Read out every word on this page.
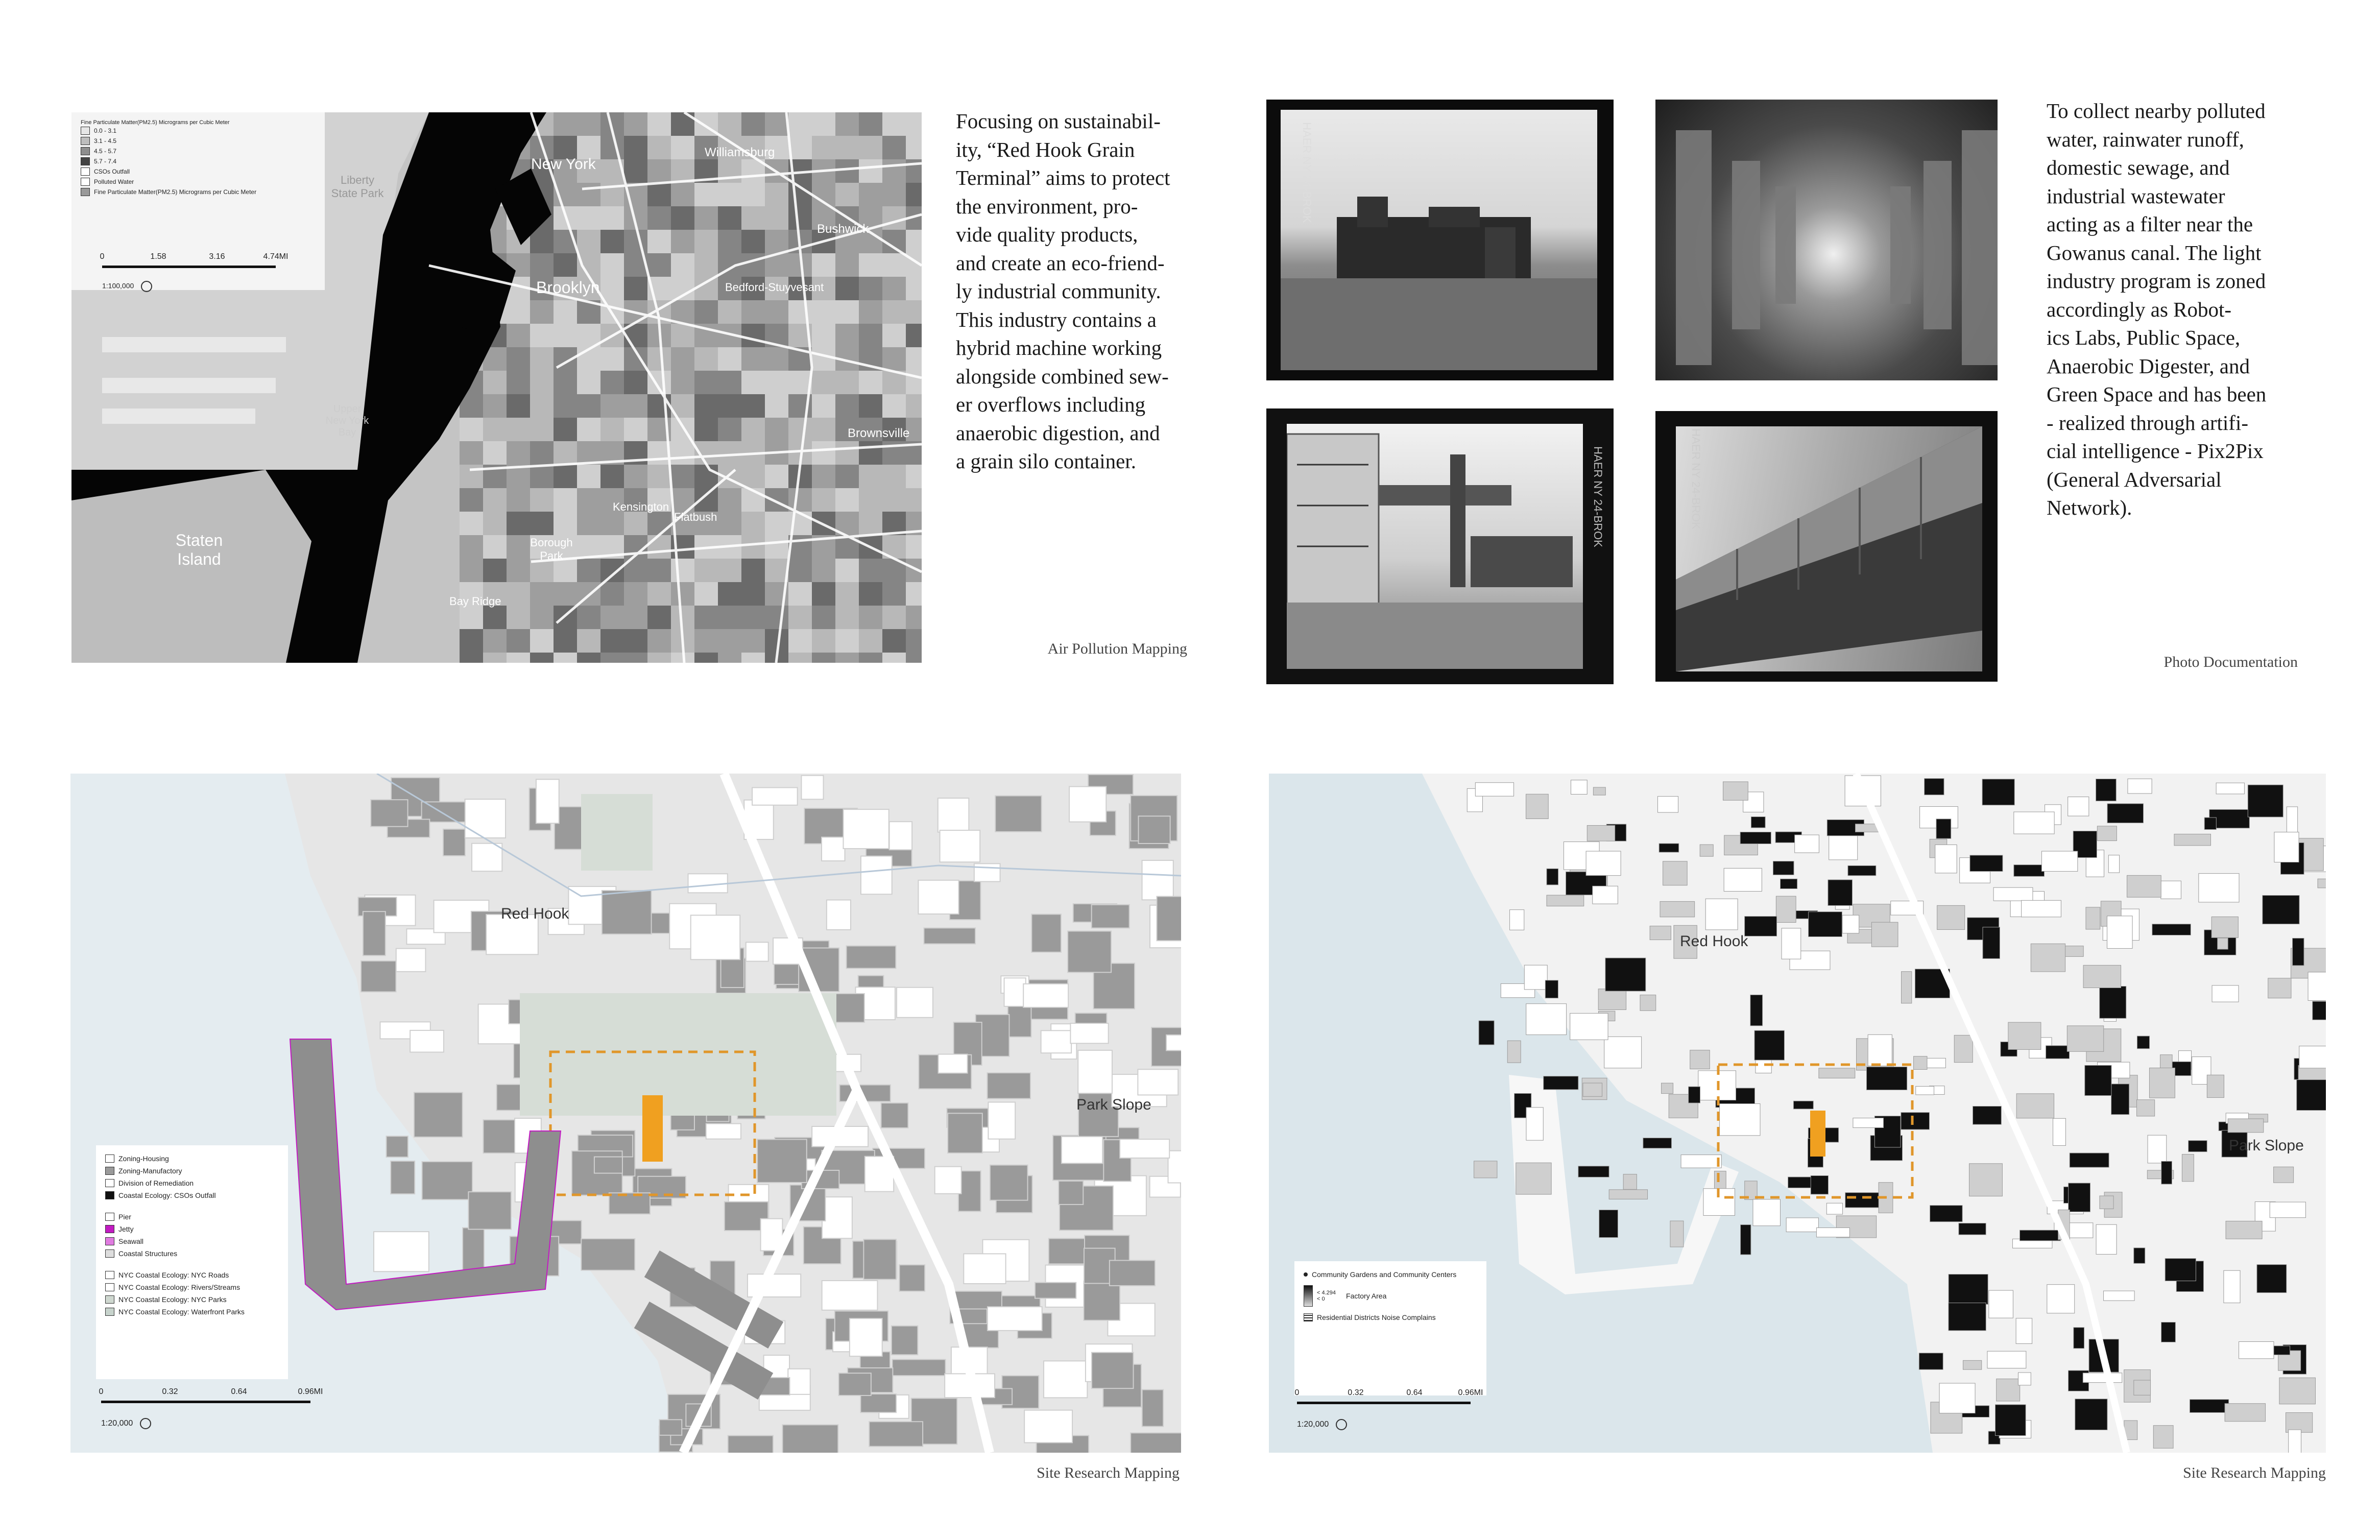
Fine Particulate Matter(PM2.5) Micrograms per Cubic Meter
0.0 - 3.1
3.1 - 4.5
4.5 - 5.7
5.7 - 7.4
CSOs Outfall
Polluted Water
Fine Particulate Matter(PM2.5) Micrograms per Cubic Meter
0	1.58	3.16	4.74MI
1:100,000
New York
Williamsburg
Liberty State Park
Bushwick
Brooklyn	Bedford-Stuyvesant
Upper New York Bay	Brownsville
Flatbush
Kensington
Staten Island
Borough Park
Bay Ridge
Focusing on sustainabil-
ity, “Red Hook Grain
Terminal” aims to protect
the environment, pro-
vide quality products,
and create an eco-friend-
ly industrial community.
This industry contains a
hybrid machine working
alongside combined sew-
er overflows including
anaerobic digestion, and
a grain silo container.
Air Pollution Mapping
HAER NY 24-BROK
HAER NY 24-BROK	HAER NY 24-BROK
To collect nearby polluted
water, rainwater runoff,
domestic sewage, and
industrial wastewater
acting as a filter near the
Gowanus canal. The light
industry program is zoned
accordingly as Robot-
ics Labs, Public Space,
Anaerobic Digester, and
Green Space and has been
- realized through artifi-
cial intelligence - Pix2Pix
(General Adversarial
Network).
Photo Documentation
Red Hook
Park Slope
Zoning-Housing
Zoning-Manufactory
Division of Remediation
Coastal Ecology: CSOs Outfall
Pier
Jetty
Seawall
Coastal Structures
NYC Coastal Ecology: NYC Roads
NYC Coastal Ecology: Rivers/Streams
NYC Coastal Ecology: NYC Parks
NYC Coastal Ecology: Waterfront Parks
0	0.32	0.64	0.96MI
1:20,000
Site Research Mapping
Red Hook
Park Slope
Community Gardens and Community Centers
< 4.294
< 0	Factory Area
Residential Districts Noise Complains
0	0.32	0.64	0.96MI
1:20,000
Site Research Mapping
